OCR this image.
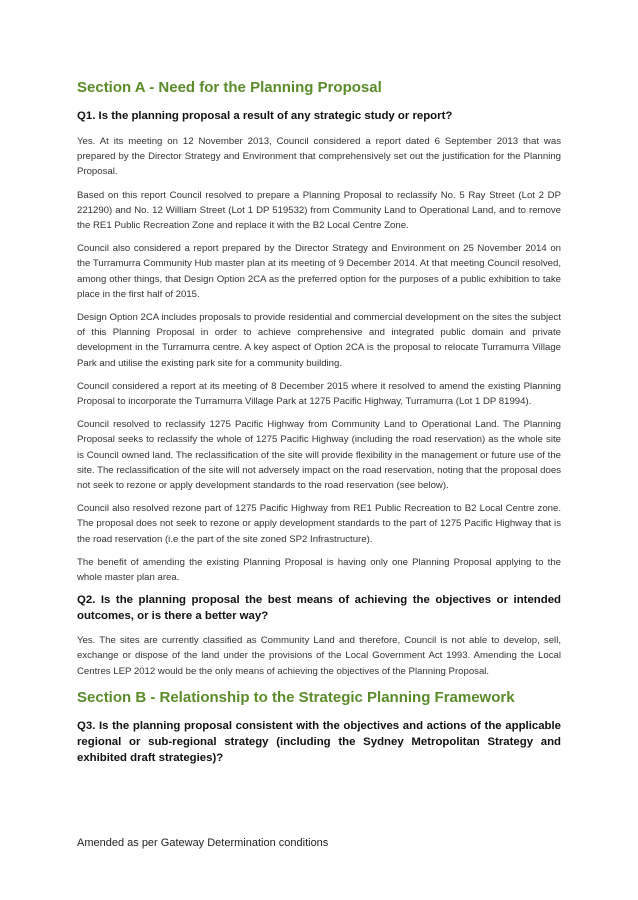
Section A - Need for the Planning Proposal
Q1. Is the planning proposal a result of any strategic study or report?

Yes. At its meeting on 12 November 2013, Council considered a report dated 6 September 2013 that was prepared by the Director Strategy and Environment that comprehensively set out the justification for the Planning Proposal.

Based on this report Council resolved to prepare a Planning Proposal to reclassify No. 5 Ray Street (Lot 2 DP 221290) and No. 12 William Street (Lot 1 DP 519532) from Community Land to Operational Land, and to remove the RE1 Public Recreation Zone and replace it with the B2 Local Centre Zone.

Council also considered a report prepared by the Director Strategy and Environment on 25 November 2014 on the Turramurra Community Hub master plan at its meeting of 9 December 2014. At that meeting Council resolved, among other things, that Design Option 2CA as the preferred option for the purposes of a public exhibition to take place in the first half of 2015.

Design Option 2CA includes proposals to provide residential and commercial development on the sites the subject of this Planning Proposal in order to achieve comprehensive and integrated public domain and private development in the Turramurra centre. A key aspect of Option 2CA is the proposal to relocate Turramurra Village Park and utilise the existing park site for a community building.

Council considered a report at its meeting of 8 December 2015 where it resolved to amend the existing Planning Proposal to incorporate the Turramurra Village Park at 1275 Pacific Highway, Turramurra (Lot 1 DP 81994).

Council resolved to reclassify 1275 Pacific Highway from Community Land to Operational Land. The Planning Proposal seeks to reclassify the whole of 1275 Pacific Highway (including the road reservation) as the whole site is Council owned land. The reclassification of the site will provide flexibility in the management or future use of the site. The reclassification of the site will not adversely impact on the road reservation, noting that the proposal does not seek to rezone or apply development standards to the road reservation (see below).

Council also resolved rezone part of 1275 Pacific Highway from RE1 Public Recreation to B2 Local Centre zone. The proposal does not seek to rezone or apply development standards to the part of 1275 Pacific Highway that is the road reservation (i.e the part of the site zoned SP2 Infrastructure).

The benefit of amending the existing Planning Proposal is having only one Planning Proposal applying to the whole master plan area.

Q2. Is the planning proposal the best means of achieving the objectives or intended outcomes, or is there a better way?

Yes. The sites are currently classified as Community Land and therefore, Council is not able to develop, sell, exchange or dispose of the land under the provisions of the Local Government Act 1993. Amending the Local Centres LEP 2012 would be the only means of achieving the objectives of the Planning Proposal.

Section B - Relationship to the Strategic Planning Framework
Q3. Is the planning proposal consistent with the objectives and actions of the applicable regional or sub-regional strategy (including the Sydney Metropolitan Strategy and exhibited draft strategies)?
Amended as per Gateway Determination conditions
